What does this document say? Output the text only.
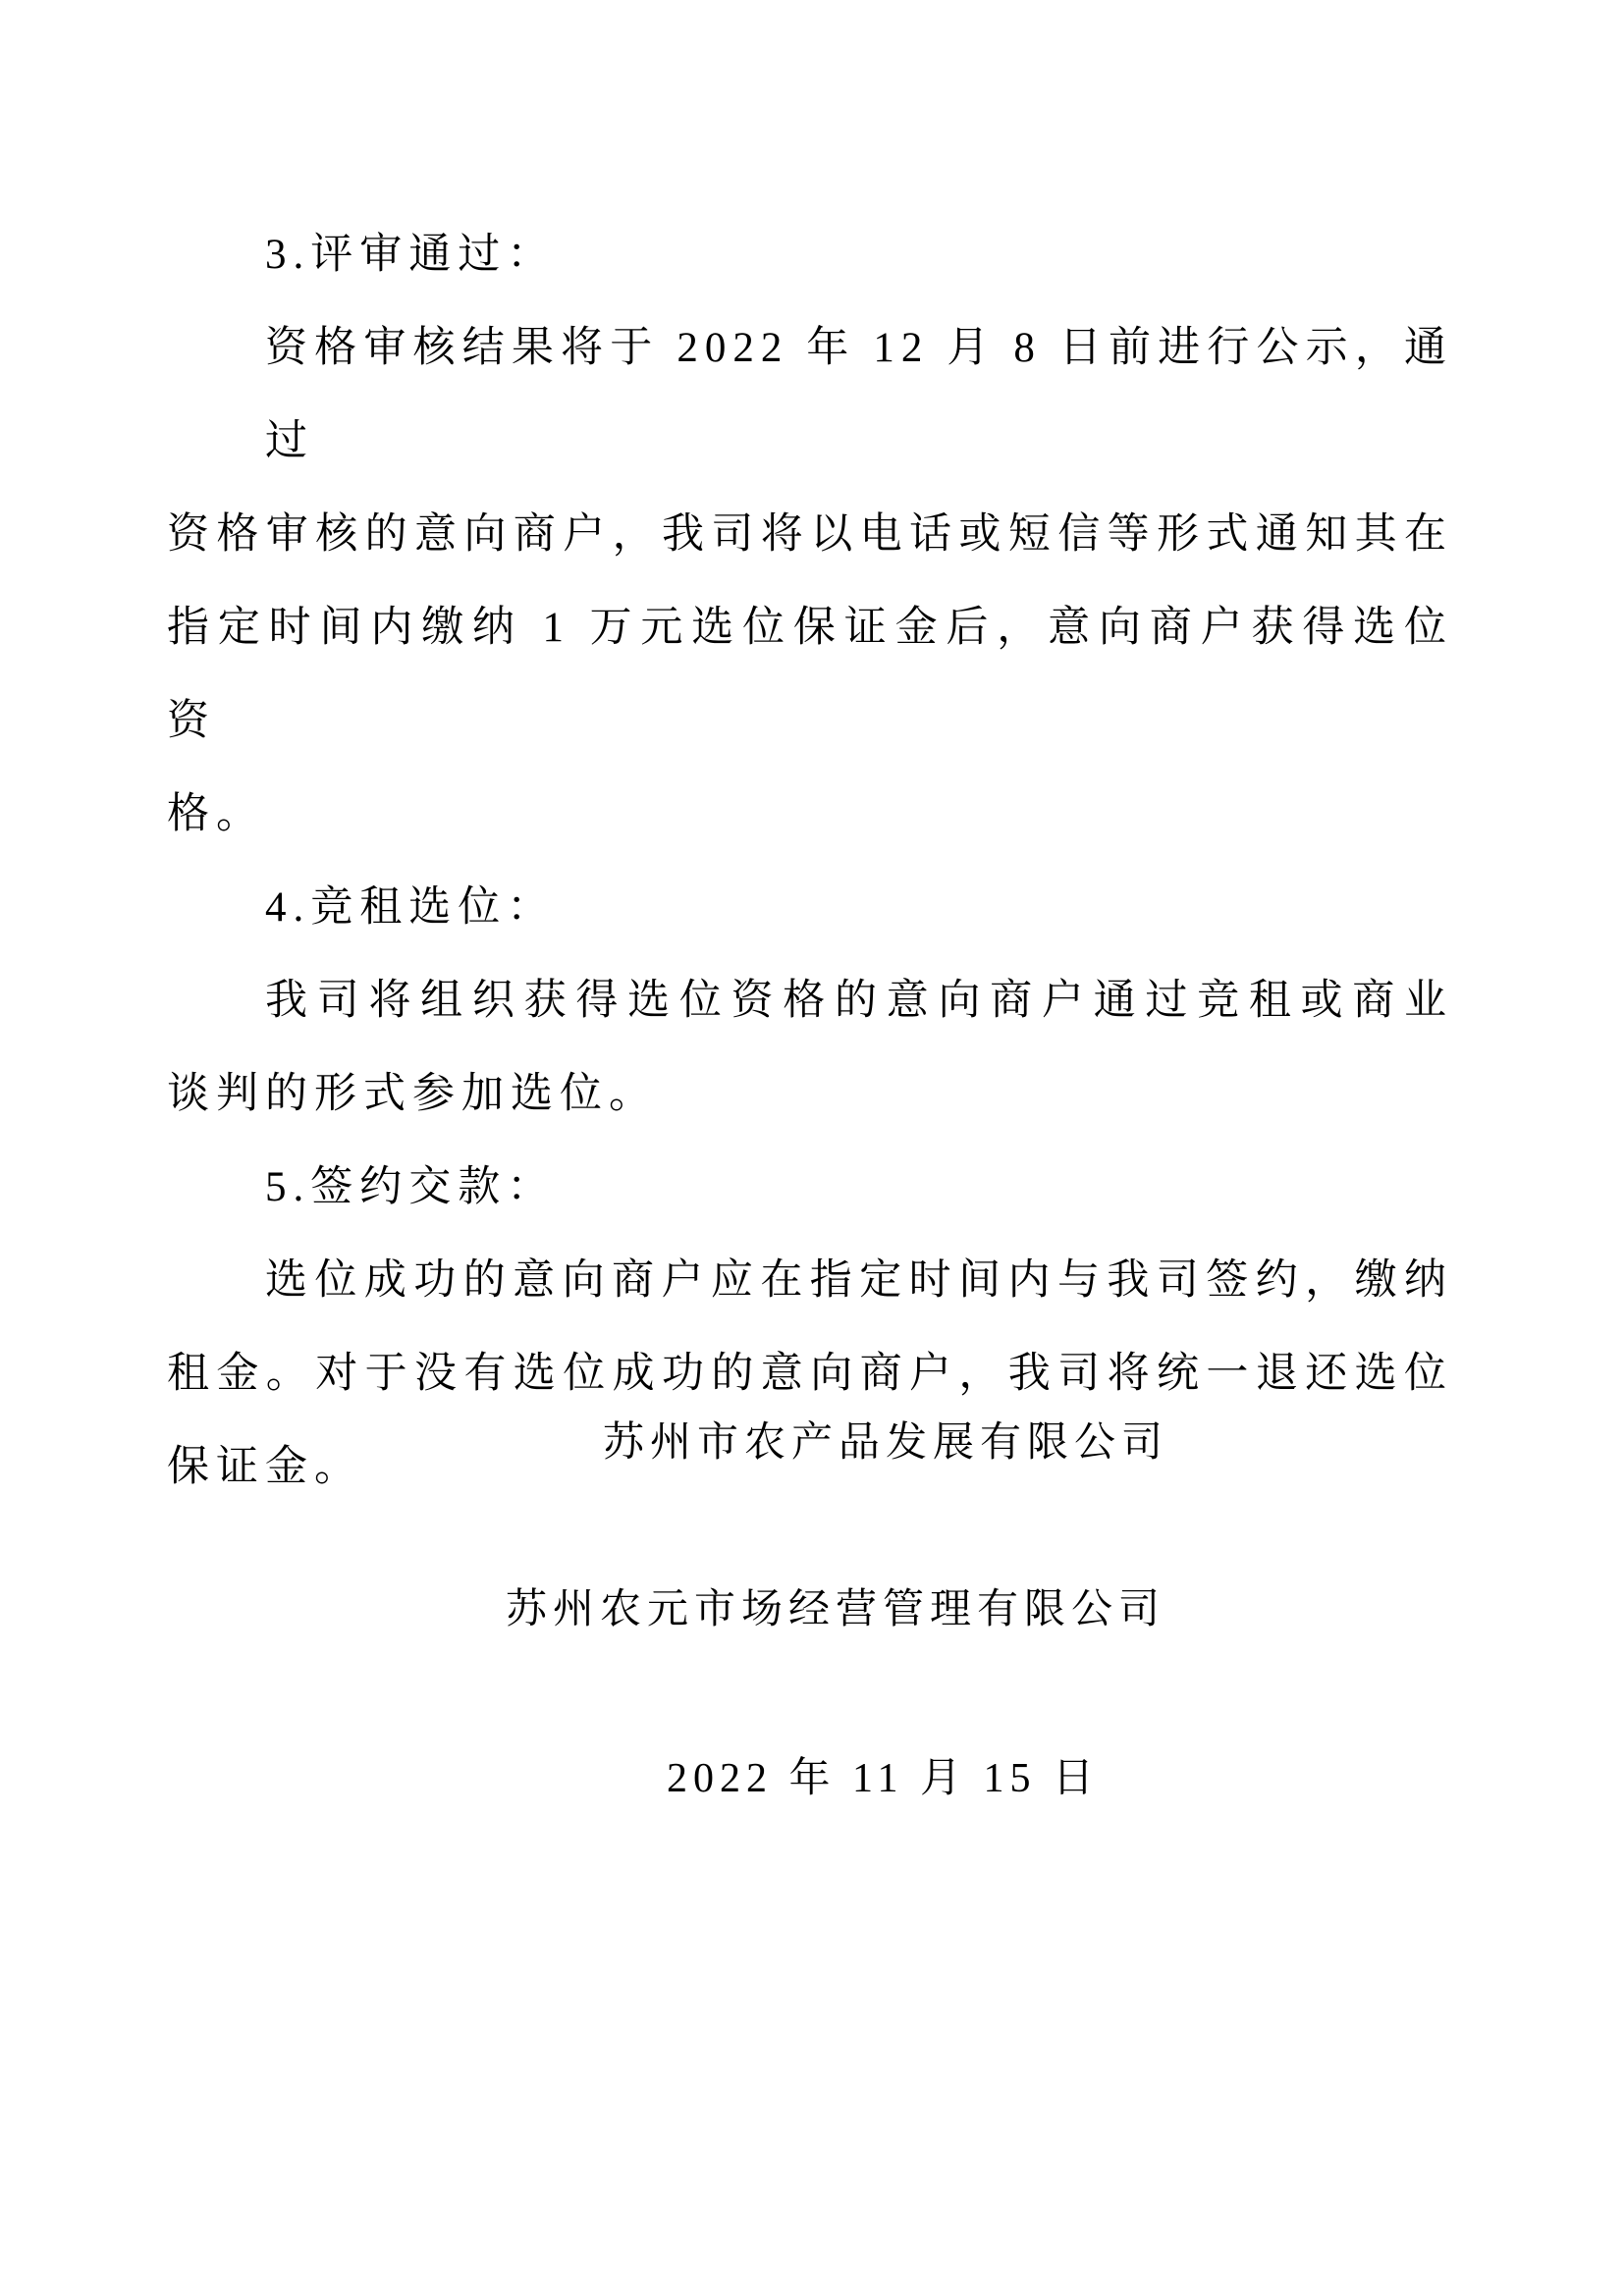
3.评审通过：
资格审核结果将于 2022 年 12 月 8 日前进行公示，通过
资格审核的意向商户，我司将以电话或短信等形式通知其在
指定时间内缴纳 1 万元选位保证金后，意向商户获得选位资
格。
4.竞租选位：
我司将组织获得选位资格的意向商户通过竞租或商业
谈判的形式参加选位。
5.签约交款：
选位成功的意向商户应在指定时间内与我司签约，缴纳
租金。对于没有选位成功的意向商户，我司将统一退还选位
保证金。
苏州市农产品发展有限公司
苏州农元市场经营管理有限公司
2022 年 11 月 15 日
